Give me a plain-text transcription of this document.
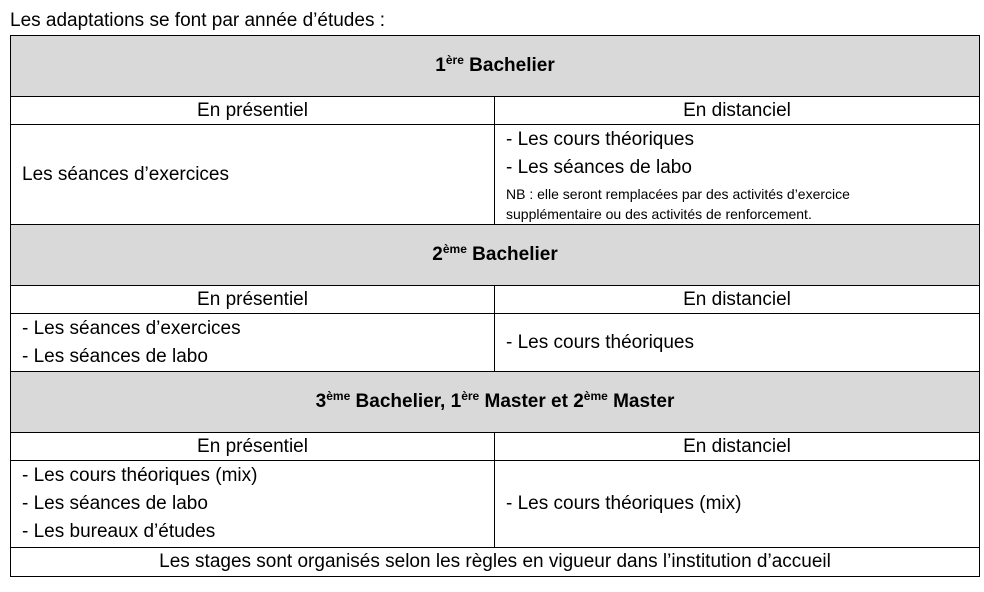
Les adaptations se font par année d’études :
1ère Bachelier	
En présentiel	En distanciel

Les séances d’exercices	- Les cours théoriques
- Les séances de labo
NB : elle seront remplacées par des activités d’exercice
supplémentaire ou des activités de renforcement.

2ème Bachelier	
En présentiel	En distanciel

- Les séances d’exercices
- Les séances de labo	- Les cours théoriques

3ème Bachelier, 1ère Master et 2ème Master	
En présentiel	En distanciel

- Les cours théoriques (mix)
- Les séances de labo
- Les bureaux d’études	- Les cours théoriques (mix)

Les stages sont organisés selon les règles en vigueur dans l’institution d’accueil	
